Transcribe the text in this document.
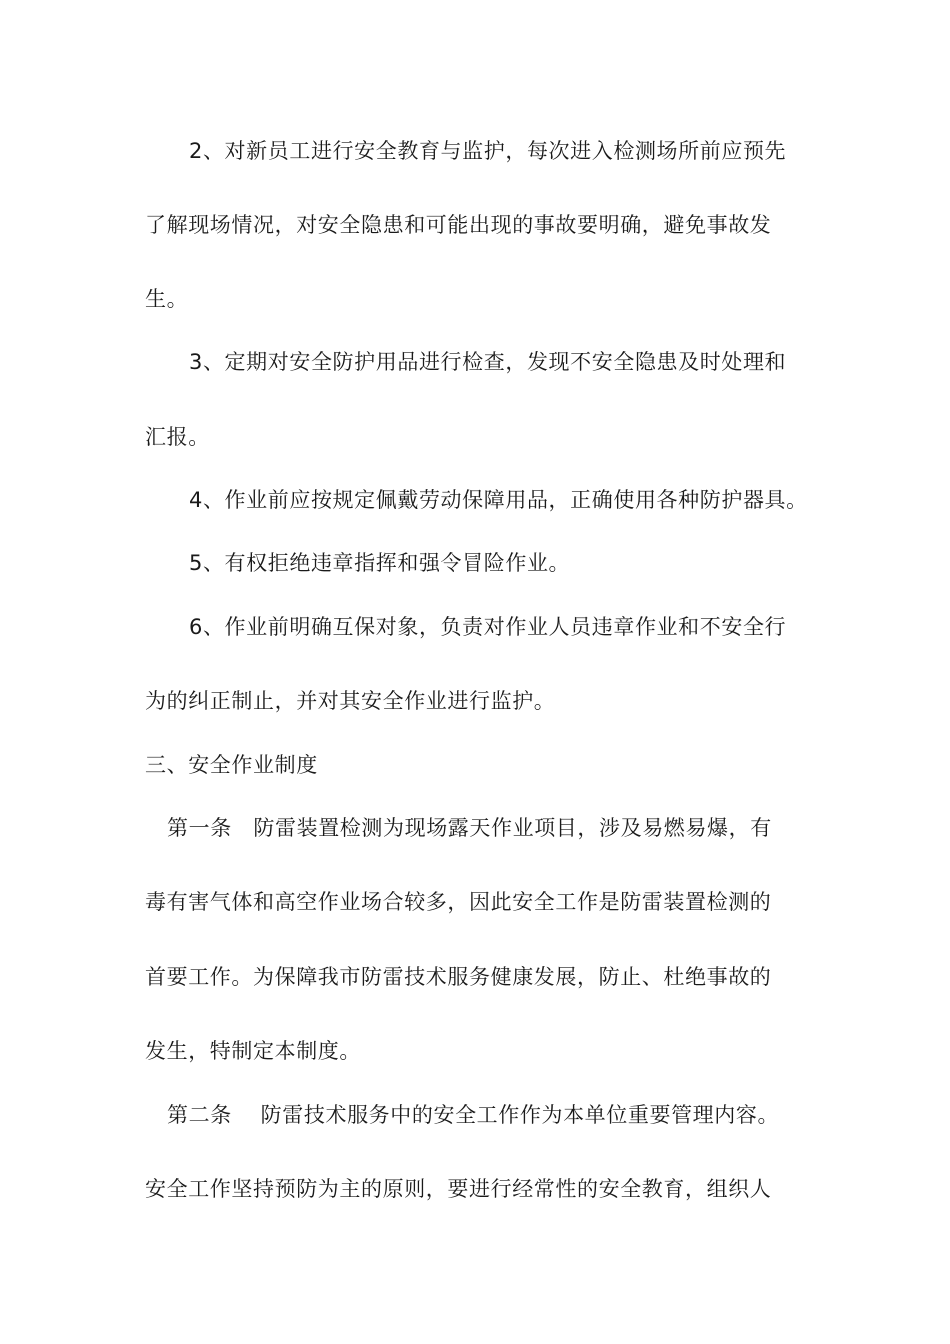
2、对新员工进行安全教育与监护，每次进入检测场所前应预先
了解现场情况，对安全隐患和可能出现的事故要明确，避免事故发
生。
3、定期对安全防护用品进行检查，发现不安全隐患及时处理和
汇报。
4、作业前应按规定佩戴劳动保障用品，正确使用各种防护器具。
5、有权拒绝违章指挥和强令冒险作业。
6、作业前明确互保对象，负责对作业人员违章作业和不安全行
为的纠正制止，并对其安全作业进行监护。
三、安全作业制度
第一条　防雷装置检测为现场露天作业项目，涉及易燃易爆，有
毒有害气体和高空作业场合较多，因此安全工作是防雷装置检测的
首要工作。为保障我市防雷技术服务健康发展，防止、杜绝事故的
发生，特制定本制度。
第二条　 防雷技术服务中的安全工作作为本单位重要管理内容。
安全工作坚持预防为主的原则，要进行经常性的安全教育，组织人
